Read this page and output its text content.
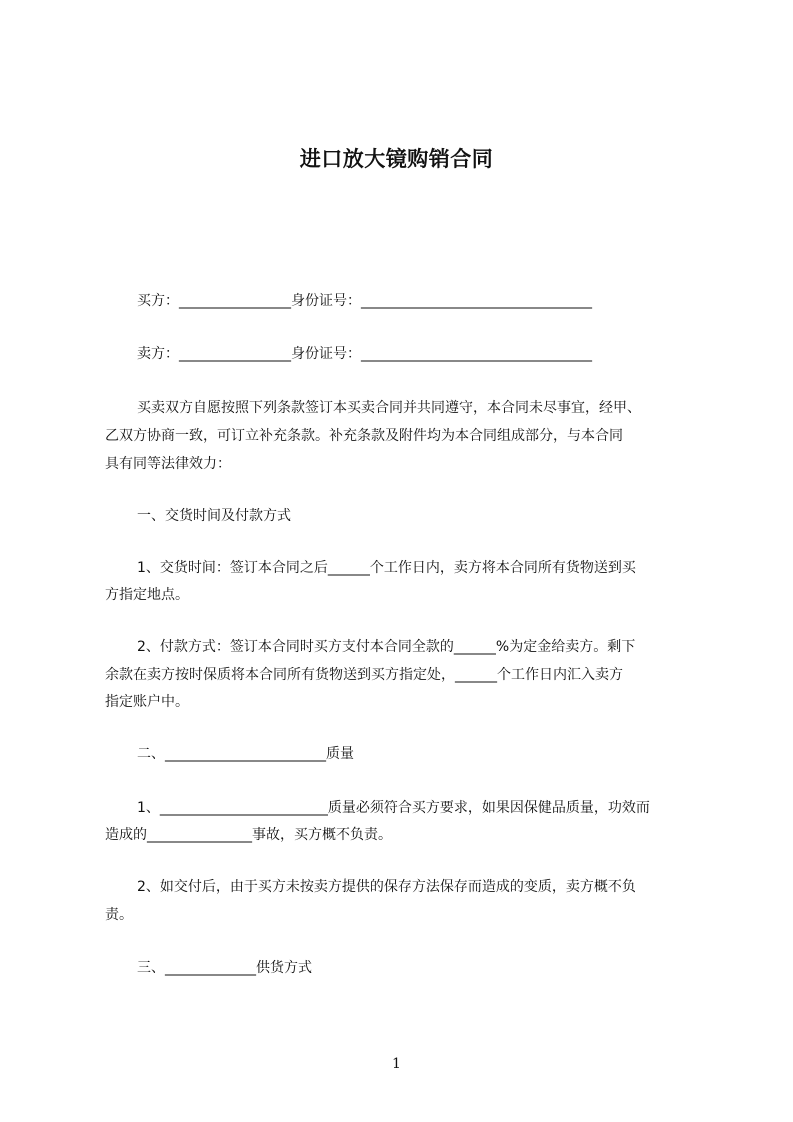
进口放大镜购销合同
买方：________________身份证号：_________________________________
卖方：________________身份证号：_________________________________
买卖双方自愿按照下列条款签订本买卖合同并共同遵守，本合同未尽事宜，经甲、
乙双方协商一致，可订立补充条款。补充条款及附件均为本合同组成部分，与本合同
具有同等法律效力：
一、交货时间及付款方式
1、交货时间：签订本合同之后______个工作日内，卖方将本合同所有货物送到买
方指定地点。
2、付款方式：签订本合同时买方支付本合同全款的______%为定金给卖方。剩下
余款在卖方按时保质将本合同所有货物送到买方指定处，______个工作日内汇入卖方
指定账户中。
二、_______________________质量
1、________________________质量必须符合买方要求，如果因保健品质量，功效而
造成的_______________事故，买方概不负责。
2、如交付后，由于买方未按卖方提供的保存方法保存而造成的变质，卖方概不负
责。
三、_____________供货方式
1
